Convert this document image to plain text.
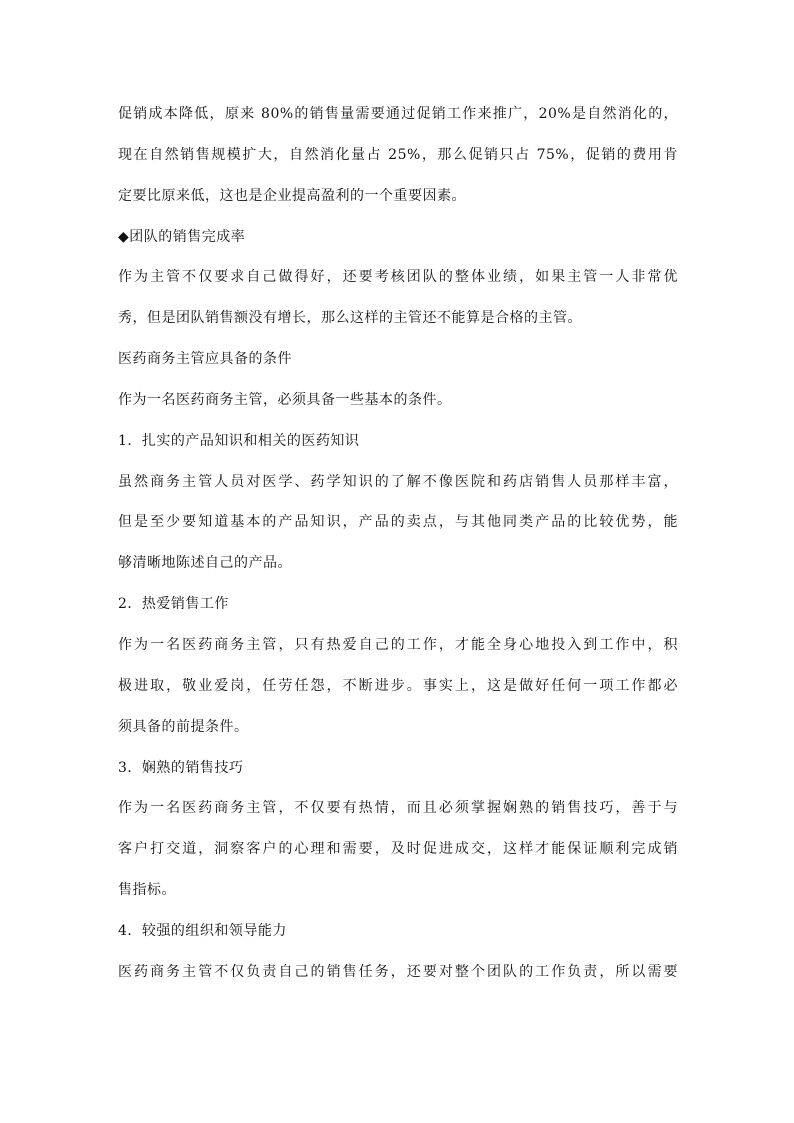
促销成本降低，原来 80%的销售量需要通过促销工作来推广，20%是自然消化的，
现在自然销售规模扩大，自然消化量占 25%，那么促销只占 75%，促销的费用肯
定要比原来低，这也是企业提高盈利的一个重要因素。
◆团队的销售完成率
作为主管不仅要求自己做得好，还要考核团队的整体业绩，如果主管一人非常优
秀，但是团队销售额没有增长，那么这样的主管还不能算是合格的主管。
医药商务主管应具备的条件
作为一名医药商务主管，必须具备一些基本的条件。
1．扎实的产品知识和相关的医药知识
虽然商务主管人员对医学、药学知识的了解不像医院和药店销售人员那样丰富，
但是至少要知道基本的产品知识，产品的卖点，与其他同类产品的比较优势，能
够清晰地陈述自己的产品。
2．热爱销售工作
作为一名医药商务主管，只有热爱自己的工作，才能全身心地投入到工作中，积
极进取，敬业爱岗，任劳任怨，不断进步。事实上，这是做好任何一项工作都必
须具备的前提条件。
3．娴熟的销售技巧
作为一名医药商务主管，不仅要有热情，而且必须掌握娴熟的销售技巧，善于与
客户打交道，洞察客户的心理和需要，及时促进成交，这样才能保证顺利完成销
售指标。
4．较强的组织和领导能力
医药商务主管不仅负责自己的销售任务，还要对整个团队的工作负责，所以需要
